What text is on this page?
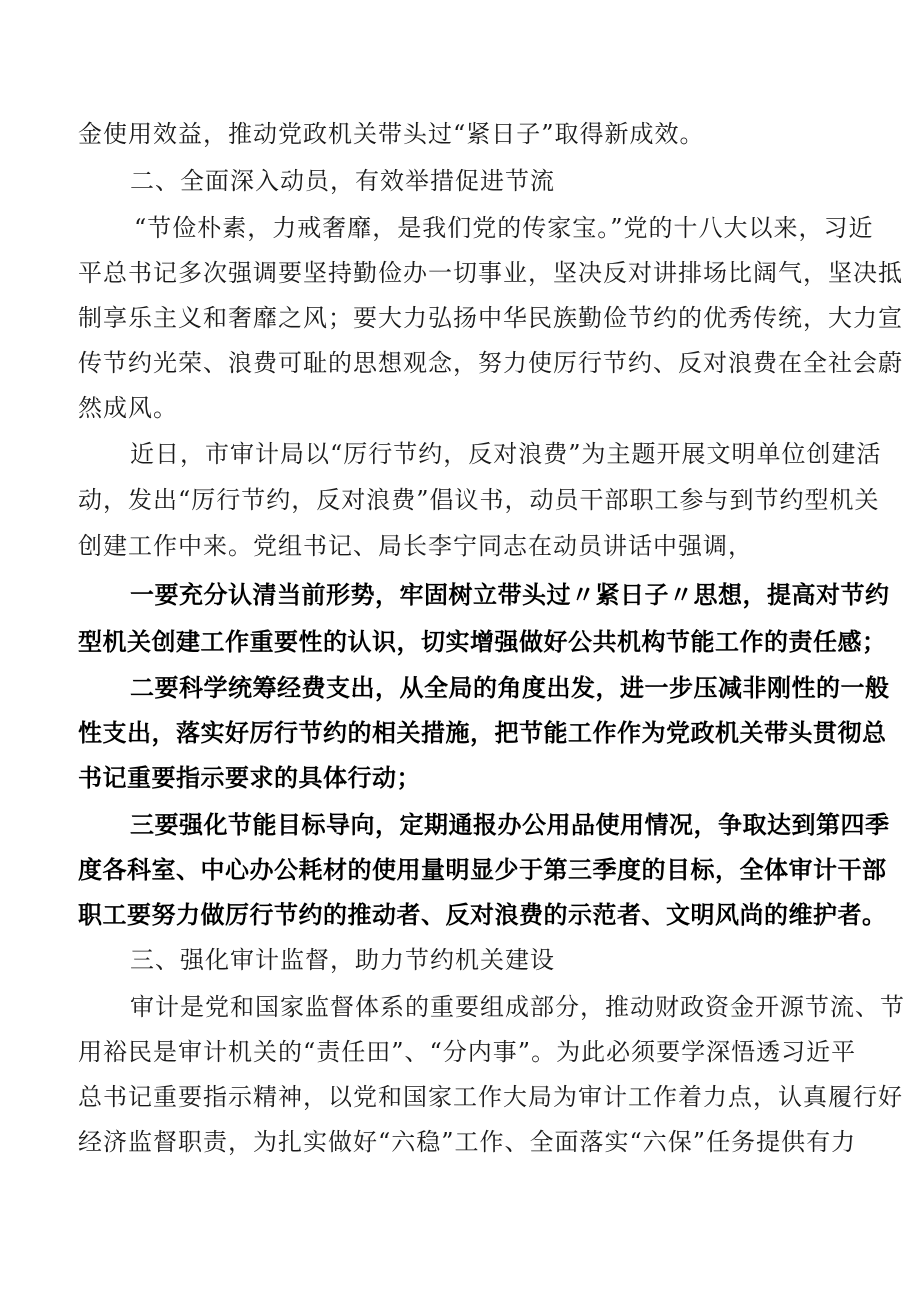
金使用效益，推动党政机关带头过“紧日子”取得新成效。
二、全面深入动员，有效举措促进节流
“节俭朴素，力戒奢靡，是我们党的传家宝。”党的十八大以来，习近
平总书记多次强调要坚持勤俭办一切事业，坚决反对讲排场比阔气，坚决抵
制享乐主义和奢靡之风；要大力弘扬中华民族勤俭节约的优秀传统，大力宣
传节约光荣、浪费可耻的思想观念，努力使厉行节约、反对浪费在全社会蔚
然成风。
近日，市审计局以“厉行节约，反对浪费”为主题开展文明单位创建活
动，发出“厉行节约，反对浪费”倡议书，动员干部职工参与到节约型机关
创建工作中来。党组书记、局长李宁同志在动员讲话中强调，
一要充分认清当前形势，牢固树立带头过〃紧日子〃思想，提高对节约
型机关创建工作重要性的认识，切实增强做好公共机构节能工作的责任感；
二要科学统筹经费支出，从全局的角度出发，进一步压减非刚性的一般
性支出，落实好厉行节约的相关措施，把节能工作作为党政机关带头贯彻总
书记重要指示要求的具体行动；
三要强化节能目标导向，定期通报办公用品使用情况，争取达到第四季
度各科室、中心办公耗材的使用量明显少于第三季度的目标，全体审计干部
职工要努力做厉行节约的推动者、反对浪费的示范者、文明风尚的维护者。
三、强化审计监督，助力节约机关建设
审计是党和国家监督体系的重要组成部分，推动财政资金开源节流、节
用裕民是审计机关的“责任田”、“分内事”。为此必须要学深悟透习近平
总书记重要指示精神，以党和国家工作大局为审计工作着力点，认真履行好
经济监督职责，为扎实做好“六稳”工作、全面落实“六保”任务提供有力
